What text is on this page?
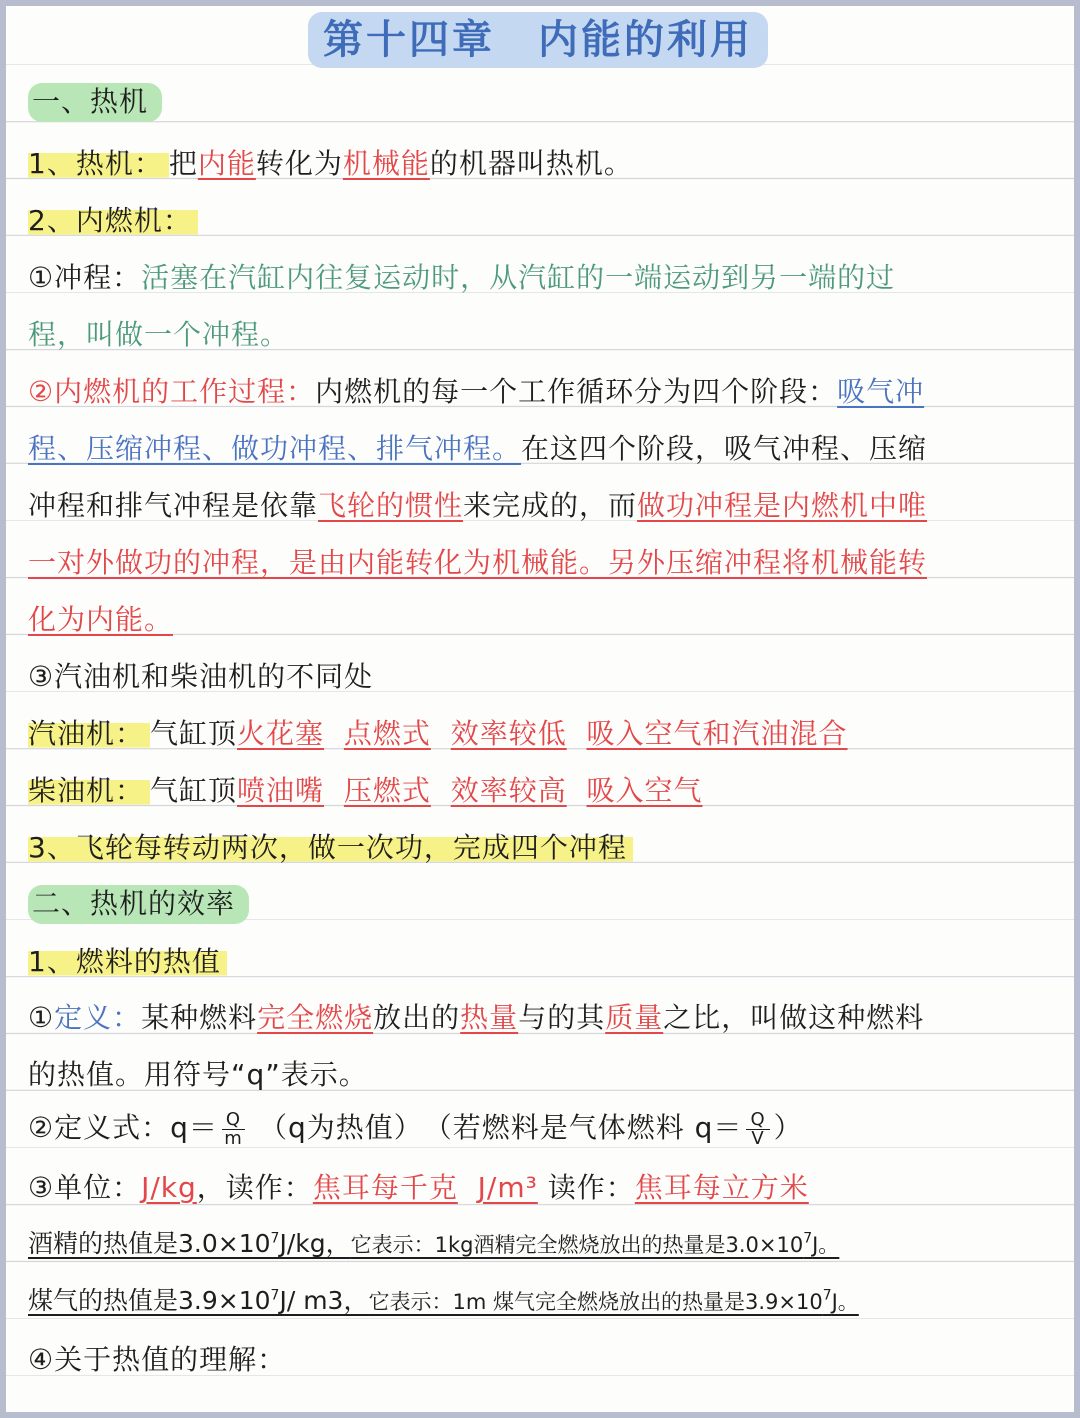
第十四章　内能的利用
一、热机
1、热机： 把内能转化为机械能的机器叫热机。
2、内燃机：
①冲程：活塞在汽缸内往复运动时，从汽缸的一端运动到另一端的过
程，叫做一个冲程。
②内燃机的工作过程：内燃机的每一个工作循环分为四个阶段：吸气冲
程、压缩冲程、做功冲程、排气冲程。在这四个阶段，吸气冲程、压缩
冲程和排气冲程是依靠飞轮的惯性来完成的，而做功冲程是内燃机中唯
一对外做功的冲程，是由内能转化为机械能。另外压缩冲程将机械能转
化为内能。
③汽油机和柴油机的不同处
汽油机： 气缸顶火花塞 点燃式 效率较低 吸入空气和汽油混合
柴油机： 气缸顶喷油嘴 压燃式 效率较高 吸入空气
3、飞轮每转动两次，做一次功，完成四个冲程
二、热机的效率
1、燃料的热值
①定义：某种燃料完全燃烧放出的热量与的其质量之比，叫做这种燃料
的热值。用符号“q”表示。
②定义式：$q= \frac{Q}{m} (q$为热值）　（若燃料是气体燃料 $q= \frac{Q}{V}$ ）
③单位：J/kg，读作：焦耳每千克 J/m³ 读作：焦耳每立方米
酒精的热值是$3.0\times 10^7J/kg$，它表示：1kg酒精完全燃烧放出的热量是$3.0\times 10^7J$。
煤气的热值是$3.9\times 10^7J/$ m3，它表示：1m 煤气完全燃烧放出的热量是$3.9\times 10^7J$。
④关于热值的理解：
